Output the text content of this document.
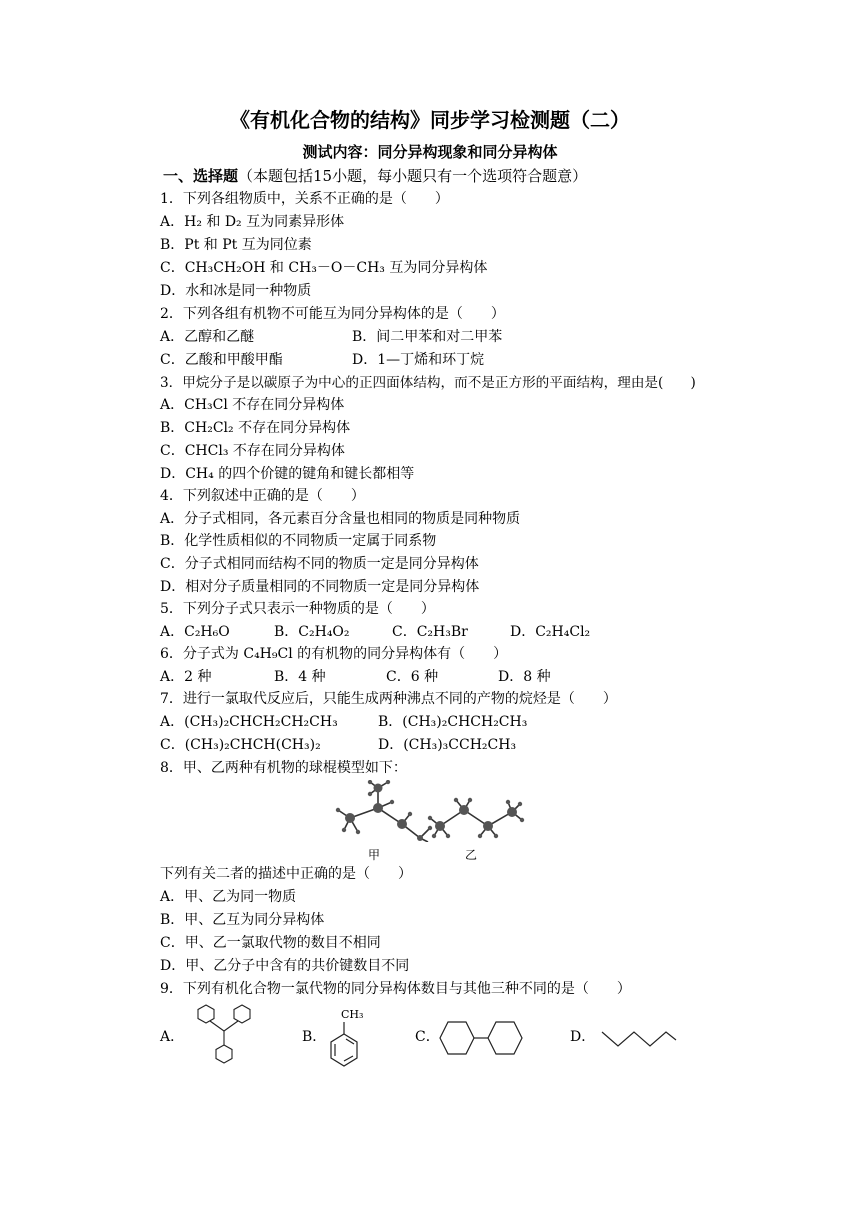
《有机化合物的结构》同步学习检测题（二）
测试内容：同分异构现象和同分异构体
一、选择题（本题包括15小题，每小题只有一个选项符合题意）
1．下列各组物质中，关系不正确的是（　　）
A．H₂ 和 D₂ 互为同素异形体
B．Pt 和 Pt 互为同位素
C．CH₃CH₂OH 和 CH₃－O－CH₃ 互为同分异构体
D．水和冰是同一种物质
2．下列各组有机物不可能互为同分异构体的是（　　）
A．乙醇和乙醚	B．间二甲苯和对二甲苯
C．乙酸和甲酸甲酯	D．1—丁烯和环丁烷
3．甲烷分子是以碳原子为中心的正四面体结构，而不是正方形的平面结构，理由是(　　)
A．CH₃Cl 不存在同分异构体
B．CH₂Cl₂ 不存在同分异构体
C．CHCl₃ 不存在同分异构体
D．CH₄ 的四个价键的键角和键长都相等
4．下列叙述中正确的是（　　）
A．分子式相同，各元素百分含量也相同的物质是同种物质
B．化学性质相似的不同物质一定属于同系物
C．分子式相同而结构不同的物质一定是同分异构体
D．相对分子质量相同的不同物质一定是同分异构体
5．下列分子式只表示一种物质的是（　　）
A．C₂H₆O	B．C₂H₄O₂	C．C₂H₃Br	D．C₂H₄Cl₂
6．分子式为 C₄H₉Cl 的有机物的同分异构体有（　　）
A．2 种	B．4 种	C．6 种	D．8 种
7．进行一氯取代反应后，只能生成两种沸点不同的产物的烷烃是（　　）
A．(CH₃)₂CHCH₂CH₂CH₃	B．(CH₃)₂CHCH₂CH₃
C．(CH₃)₂CHCH(CH₃)₂	D．(CH₃)₃CCH₂CH₃
8．甲、乙两种有机物的球棍模型如下：
甲	乙
下列有关二者的描述中正确的是（　　）
A．甲、乙为同一物质
B．甲、乙互为同分异构体
C．甲、乙一氯取代物的数目不相同
D．甲、乙分子中含有的共价键数目不同
9．下列有机化合物一氯代物的同分异构体数目与其他三种不同的是（　　）
A．	B．
CH₃
C．	D．
